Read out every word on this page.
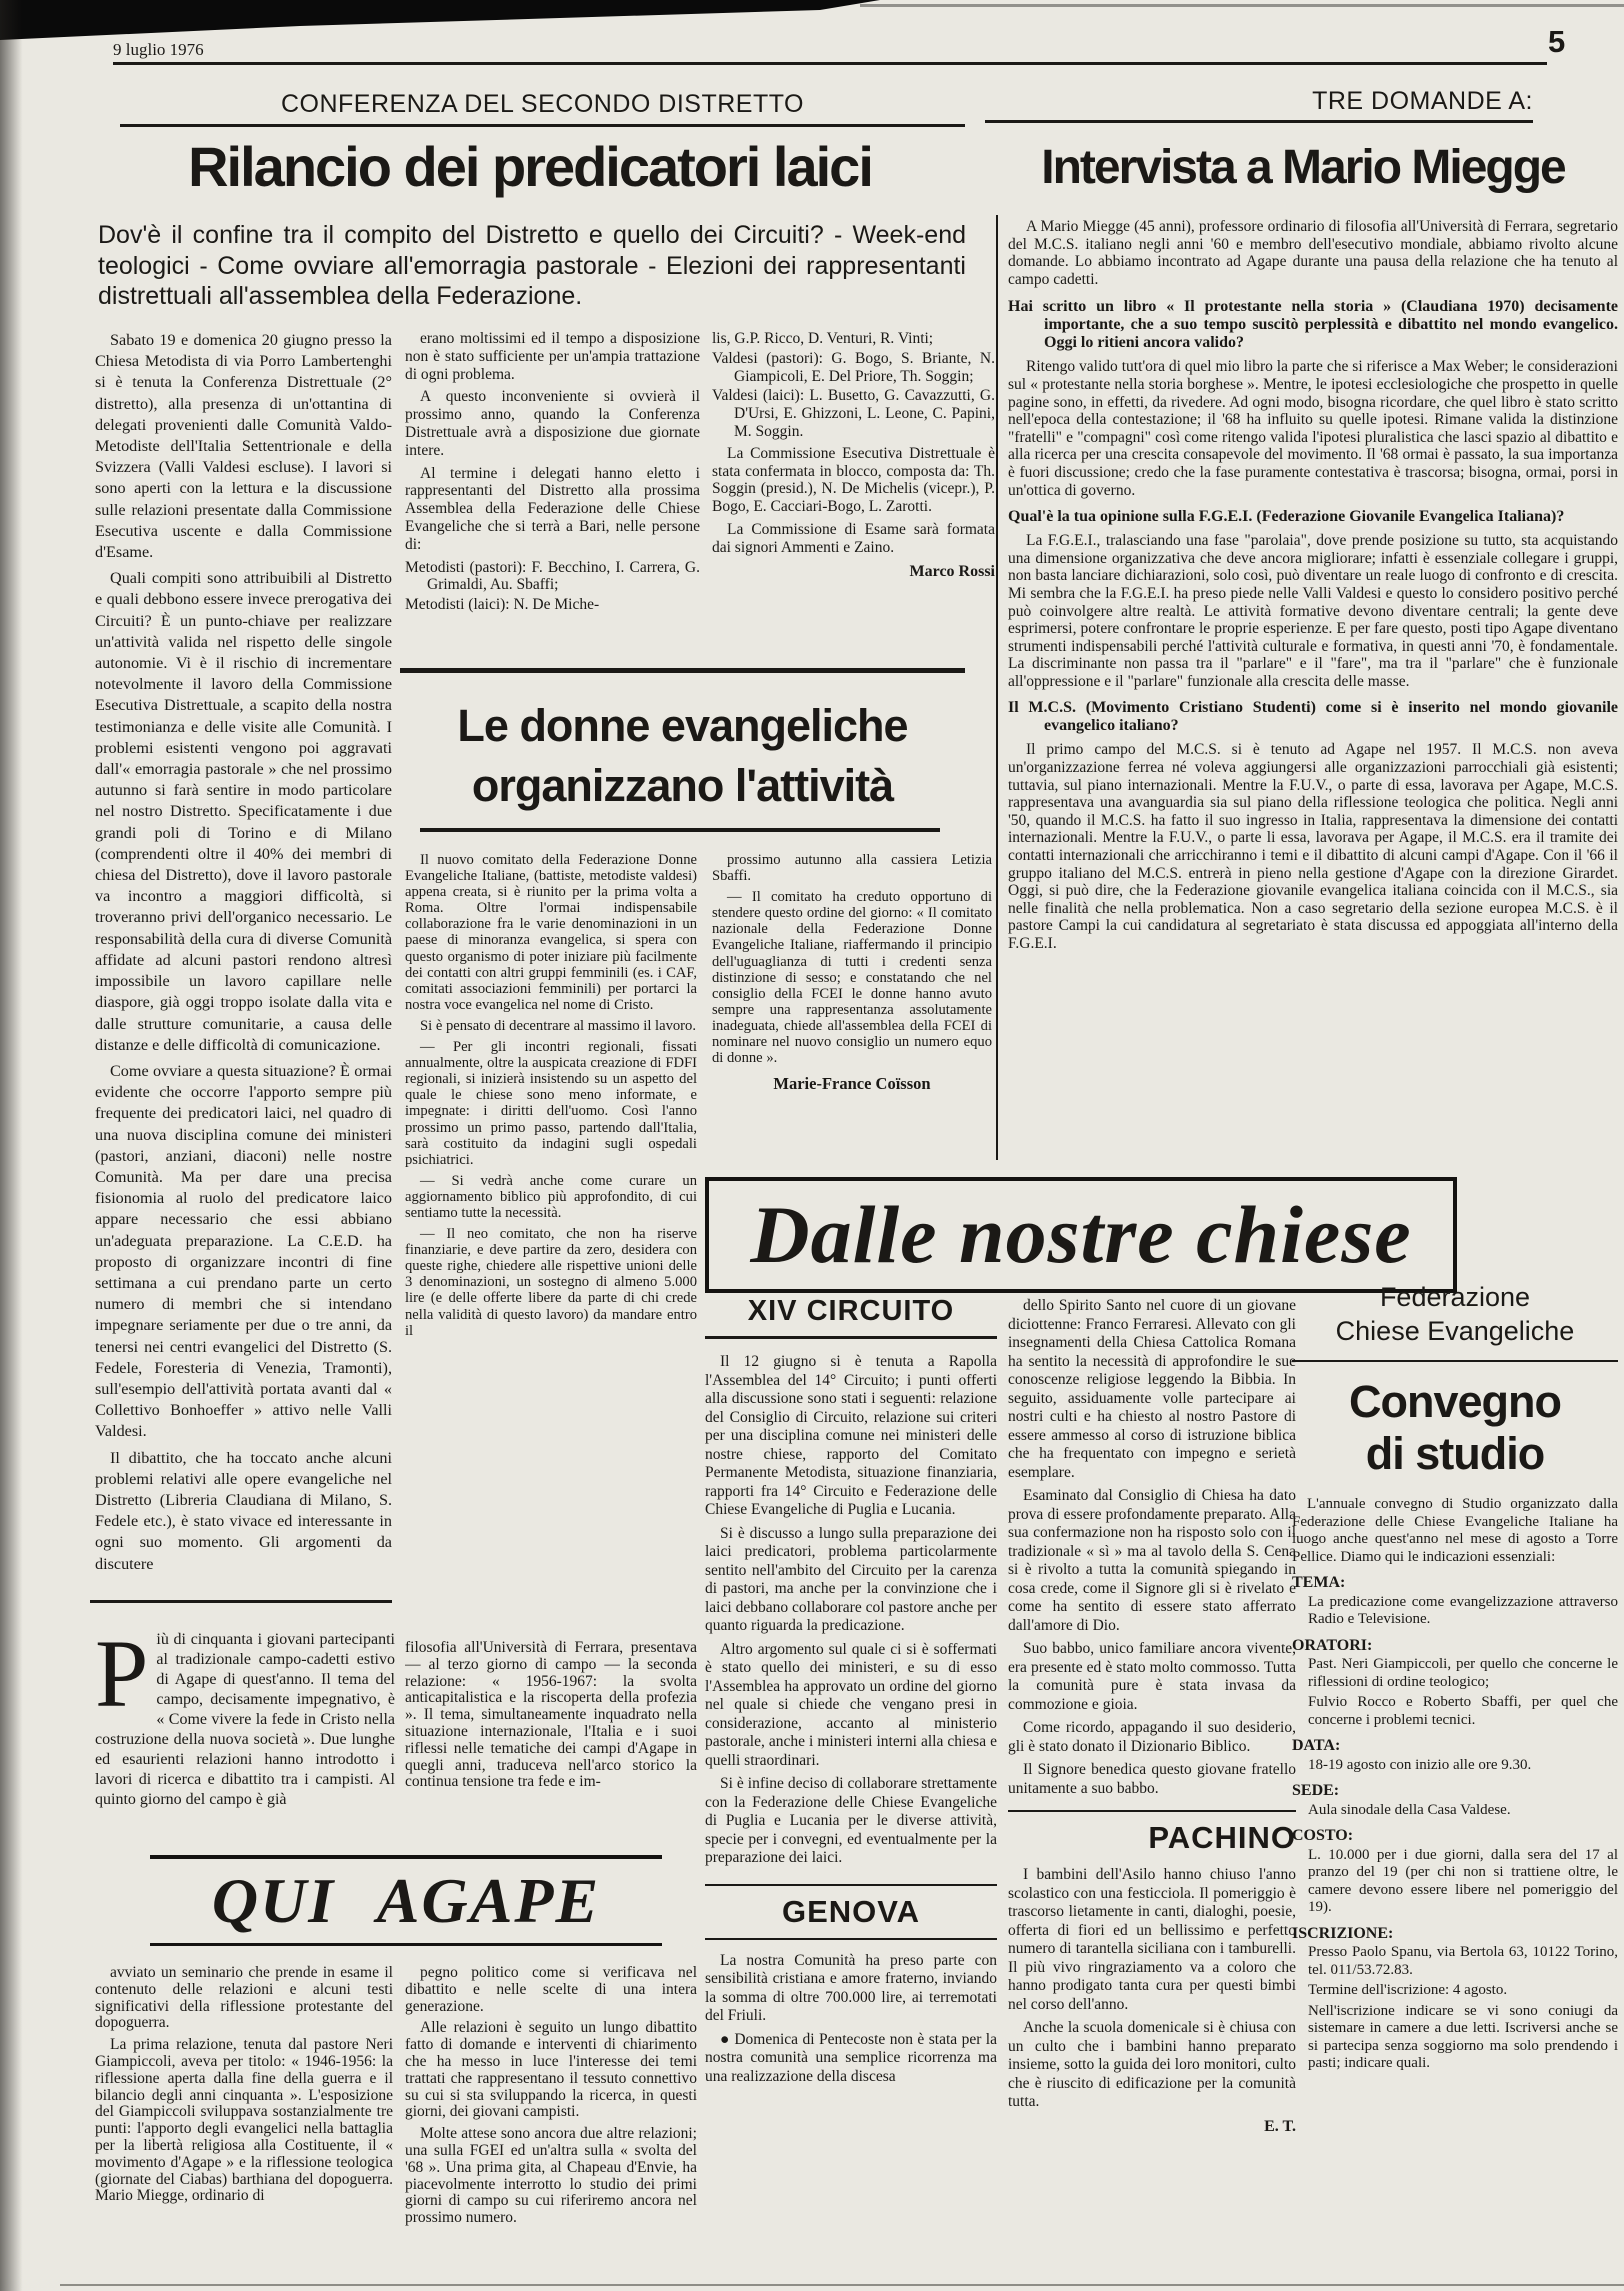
9 luglio 1976	5
CONFERENZA DEL SECONDO DISTRETTO	TRE DOMANDE A:
Rilancio dei predicatori laici	Intervista a Mario Miegge
Dov'è il confine tra il compito del Distretto e quello dei Circuiti? - Week-end teologici - Come ovviare all'emorragia pastorale - Elezioni dei rappresentanti distrettuali all'assemblea della Federazione.

Sabato 19 e domenica 20 giugno presso la Chiesa Metodista di via Porro Lambertenghi si è tenuta la Conferenza Distrettuale (2° distretto), alla presenza di un'ottantina di delegati provenienti dalle Comunità Valdo-Metodiste dell'Italia Settentrionale e della Svizzera (Valli Valdesi escluse). I lavori si sono aperti con la lettura e la discussione sulle relazioni presentate dalla Commissione Esecutiva uscente e dalla Commissione d'Esame.

Quali compiti sono attribuibili al Distretto e quali debbono essere invece prerogativa dei Circuiti? È un punto-chiave per realizzare un'attività valida nel rispetto delle singole autonomie. Vi è il rischio di incrementare notevolmente il lavoro della Commissione Esecutiva Distrettuale, a scapito della nostra testimonianza e delle visite alle Comunità. I problemi esistenti vengono poi aggravati dall'« emorragia pastorale » che nel prossimo autunno si farà sentire in modo particolare nel nostro Distretto. Specificatamente i due grandi poli di Torino e di Milano (comprendenti oltre il 40% dei membri di chiesa del Distretto), dove il lavoro pastorale va incontro a maggiori difficoltà, si troveranno privi dell'organico necessario. Le responsabilità della cura di diverse Comunità affidate ad alcuni pastori rendono altresì impossibile un lavoro capillare nelle diaspore, già oggi troppo isolate dalla vita e dalle strutture comunitarie, a causa delle distanze e delle difficoltà di comunicazione.

Come ovviare a questa situazione? È ormai evidente che occorre l'apporto sempre più frequente dei predicatori laici, nel quadro di una nuova disciplina comune dei ministeri (pastori, anziani, diaconi) nelle nostre Comunità. Ma per dare una precisa fisionomia al ruolo del predicatore laico appare necessario che essi abbiano un'adeguata preparazione. La C.E.D. ha proposto di organizzare incontri di fine settimana a cui prendano parte un certo numero di membri che si intendano impegnare seriamente per due o tre anni, da tenersi nei centri evangelici del Distretto (S. Fedele, Foresteria di Venezia, Tramonti), sull'esempio dell'attività portata avanti dal « Collettivo Bonhoeffer » attivo nelle Valli Valdesi.

Il dibattito, che ha toccato anche alcuni problemi relativi alle opere evangeliche nel Distretto (Libreria Claudiana di Milano, S. Fedele etc.), è stato vivace ed interessante in ogni suo momento. Gli argomenti da discutere

erano moltissimi ed il tempo a disposizione non è stato sufficiente per un'ampia trattazione di ogni problema.

A questo inconveniente si ovvierà il prossimo anno, quando la Conferenza Distrettuale avrà a disposizione due giornate intere.

Al termine i delegati hanno eletto i rappresentanti del Distretto alla prossima Assemblea della Federazione delle Chiese Evangeliche che si terrà a Bari, nelle persone di:

Metodisti (pastori): F. Becchino, I. Carrera, G. Grimaldi, Au. Sbaffi;

Metodisti (laici): N. De Miche-

lis, G.P. Ricco, D. Venturi, R. Vinti;

Valdesi (pastori): G. Bogo, S. Briante, N. Giampicoli, E. Del Priore, Th. Soggin;

Valdesi (laici): L. Busetto, G. Cavazzutti, G. D'Ursi, E. Ghizzoni, L. Leone, C. Papini, M. Soggin.

La Commissione Esecutiva Distrettuale è stata confermata in blocco, composta da: Th. Soggin (presid.), N. De Michelis (vicepr.), P. Bogo, E. Cacciari-Bogo, L. Zarotti.

La Commissione di Esame sarà formata dai signori Ammenti e Zaino.

Marco Rossi
Le donne evangeliche
organizzano l'attività

Il nuovo comitato della Federazione Donne Evangeliche Italiane, (battiste, metodiste valdesi) appena creata, si è riunito per la prima volta a Roma. Oltre l'ormai indispensabile collaborazione fra le varie denominazioni in un paese di minoranza evangelica, si spera con questo organismo di poter iniziare più facilmente dei contatti con altri gruppi femminili (es. i CAF, comitati associazioni femminili) per portarci la nostra voce evangelica nel nome di Cristo.

Si è pensato di decentrare al massimo il lavoro.

— Per gli incontri regionali, fissati annualmente, oltre la auspicata creazione di FDFI regionali, si inizierà insistendo su un aspetto del quale le chiese sono meno informate, e impegnate: i diritti dell'uomo. Così l'anno prossimo un primo passo, partendo dall'Italia, sarà costituito da indagini sugli ospedali psichiatrici.

— Si vedrà anche come curare un aggiornamento biblico più approfondito, di cui sentiamo tutte la necessità.

— Il neo comitato, che non ha riserve finanziarie, e deve partire da zero, desidera con queste righe, chiedere alle rispettive unioni delle 3 denominazioni, un sostegno di almeno 5.000 lire (e delle offerte libere da parte di chi crede nella validità di questo lavoro) da mandare entro il

prossimo autunno alla cassiera Letizia Sbaffi.

— Il comitato ha creduto opportuno di stendere questo ordine del giorno: « Il comitato nazionale della Federazione Donne Evangeliche Italiane, riaffermando il principio dell'uguaglianza di tutti i credenti senza distinzione di sesso; e constatando che nel consiglio della FCEI le donne hanno avuto sempre una rappresentanza assolutamente inadeguata, chiede all'assemblea della FCEI di nominare nel nuovo consiglio un numero equo di donne ».

Marie-France Coïsson

A Mario Miegge (45 anni), professore ordinario di filosofia all'Università di Ferrara, segretario del M.C.S. italiano negli anni '60 e membro dell'esecutivo mondiale, abbiamo rivolto alcune domande. Lo abbiamo incontrato ad Agape durante una pausa della relazione che ha tenuto al campo cadetti.

Hai scritto un libro « Il protestante nella storia » (Claudiana 1970) decisamente importante, che a suo tempo suscitò perplessità e dibattito nel mondo evangelico. Oggi lo ritieni ancora valido?
Ritengo valido tutt'ora di quel mio libro la parte che si riferisce a Max Weber; le considerazioni sul « protestante nella storia borghese ». Mentre, le ipotesi ecclesiologiche che prospetto in quelle pagine sono, in effetti, da rivedere. Ad ogni modo, bisogna ricordare, che quel libro è stato scritto nell'epoca della contestazione; il '68 ha influito su quelle ipotesi. Rimane valida la distinzione "fratelli" e "compagni" così come ritengo valida l'ipotesi pluralistica che lasci spazio al dibattito e alla ricerca per una crescita consapevole del movimento. Il '68 ormai è passato, la sua importanza è fuori discussione; credo che la fase puramente contestativa è trascorsa; bisogna, ormai, porsi in un'ottica di governo.
Qual'è la tua opinione sulla F.G.E.I. (Federazione Giovanile Evangelica Italiana)?
La F.G.E.I., tralasciando una fase "parolaia", dove prende posizione su tutto, sta acquistando una dimensione organizzativa che deve ancora migliorare; infatti è essenziale collegare i gruppi, non basta lanciare dichiarazioni, solo così, può diventare un reale luogo di confronto e di crescita. Mi sembra che la F.G.E.I. ha preso piede nelle Valli Valdesi e questo lo considero positivo perché può coinvolgere altre realtà. Le attività formative devono diventare centrali; la gente deve esprimersi, potere confrontare le proprie esperienze. E per fare questo, posti tipo Agape diventano strumenti indispensabili perché l'attività culturale e formativa, in questi anni '70, è fondamentale. La discriminante non passa tra il "parlare" e il "fare", ma tra il "parlare" che è funzionale all'oppressione e il "parlare" funzionale alla crescita delle masse.
Il M.C.S. (Movimento Cristiano Studenti) come si è inserito nel mondo giovanile evangelico italiano?
Il primo campo del M.C.S. si è tenuto ad Agape nel 1957. Il M.C.S. non aveva un'organizzazione ferrea né voleva aggiungersi alle organizzazioni parrocchiali già esistenti; tuttavia, sul piano internazionali. Mentre la F.U.V., o parte di essa, lavorava per Agape, M.C.S. rappresentava una avanguardia sia sul piano della riflessione teologica che politica. Negli anni '50, quando il M.C.S. ha fatto il suo ingresso in Italia, rappresentava la dimensione dei contatti internazionali. Mentre la F.U.V., o parte li essa, lavorava per Agape, il M.C.S. era il tramite dei contatti internazionali che arricchiranno i temi e il dibattito di alcuni campi d'Agape. Con il '66 il gruppo italiano del M.C.S. entrerà in pieno nella gestione d'Agape con la direzione Girardet. Oggi, si può dire, che la Federazione giovanile evangelica italiana coincida con il M.C.S., sia nelle finalità che nella problematica. Non a caso segretario della sezione europea M.C.S. è il pastore Campi la cui candidatura al segretariato è stata discussa ed appoggiata all'interno della F.G.E.I.
Dalle nostre chiese
XIV CIRCUITO

Il 12 giugno si è tenuta a Rapolla l'Assemblea del 14° Circuito; i punti offerti alla discussione sono stati i seguenti: relazione del Consiglio di Circuito, relazione sui criteri per una disciplina comune nei ministeri delle nostre chiese, rapporto del Comitato Permanente Metodista, situazione finanziaria, rapporti fra 14° Circuito e Federazione delle Chiese Evangeliche di Puglia e Lucania.

Si è discusso a lungo sulla preparazione dei laici predicatori, problema particolarmente sentito nell'ambito del Circuito per la carenza di pastori, ma anche per la convinzione che i laici debbano collaborare col pastore anche per quanto riguarda la predicazione.

Altro argomento sul quale ci si è soffermati è stato quello dei ministeri, e su di esso l'Assemblea ha approvato un ordine del giorno nel quale si chiede che vengano presi in considerazione, accanto al ministerio pastorale, anche i ministeri interni alla chiesa e quelli straordinari.

Si è infine deciso di collaborare strettamente con la Federazione delle Chiese Evangeliche di Puglia e Lucania per le diverse attività, specie per i convegni, ed eventualmente per la preparazione dei laici.

GENOVA

La nostra Comunità ha preso parte con sensibilità cristiana e amore fraterno, inviando la somma di oltre 700.000 lire, ai terremotati del Friuli.

● Domenica di Pentecoste non è stata per la nostra comunità una semplice ricorrenza ma una realizzazione della discesa

dello Spirito Santo nel cuore di un giovane diciottenne: Franco Ferraresi. Allevato con gli insegnamenti della Chiesa Cattolica Romana ha sentito la necessità di approfondire le sue conoscenze religiose leggendo la Bibbia. In seguito, assiduamente volle partecipare ai nostri culti e ha chiesto al nostro Pastore di essere ammesso al corso di istruzione biblica che ha frequentato con impegno e serietà esemplare.

Esaminato dal Consiglio di Chiesa ha dato prova di essere profondamente preparato. Alla sua confermazione non ha risposto solo con il tradizionale « sì » ma al tavolo della S. Cena si è rivolto a tutta la comunità spiegando in cosa crede, come il Signore gli si è rivelato e come ha sentito di essere stato afferrato dall'amore di Dio.

Suo babbo, unico familiare ancora vivente, era presente ed è stato molto commosso. Tutta la comunità pure è stata invasa da commozione e gioia.

Come ricordo, appagando il suo desiderio, gli è stato donato il Dizionario Biblico.

Il Signore benedica questo giovane fratello unitamente a suo babbo.

PACHINO

I bambini dell'Asilo hanno chiuso l'anno scolastico con una festicciola. Il pomeriggio è trascorso lietamente in canti, dialoghi, poesie, offerta di fiori ed un bellissimo e perfetto numero di tarantella siciliana con i tamburelli. Il più vivo ringraziamento va a coloro che hanno prodigato tanta cura per questi bimbi nel corso dell'anno.

Anche la scuola domenicale si è chiusa con un culto che i bambini hanno preparato insieme, sotto la guida dei loro monitori, culto che è riuscito di edificazione per la comunità tutta.

E. T.
Federazione
Chiese Evangeliche
Convegno
di studio

L'annuale convegno di Studio organizzato dalla Federazione delle Chiese Evangeliche Italiane ha luogo anche quest'anno nel mese di agosto a Torre Pellice. Diamo qui le indicazioni essenziali:

TEMA:

La predicazione come evangelizzazione attraverso Radio e Televisione.

ORATORI:

Past. Neri Giampiccoli, per quello che concerne le riflessioni di ordine teologico;

Fulvio Rocco e Roberto Sbaffi, per quel che concerne i problemi tecnici.

DATA:

18-19 agosto con inizio alle ore 9.30.

SEDE:

Aula sinodale della Casa Valdese.

COSTO:

L. 10.000 per i due giorni, dalla sera del 17 al pranzo del 19 (per chi non si trattiene oltre, le camere devono essere libere nel pomeriggio del 19).

ISCRIZIONE:

Presso Paolo Spanu, via Bertola 63, 10122 Torino, tel. 011/53.72.83.

Termine dell'iscrizione: 4 agosto.

Nell'iscrizione indicare se vi sono coniugi da sistemare in camere a due letti. Iscriversi anche se si partecipa senza soggiorno ma solo prendendo i pasti; indicare quali.

Più di cinquanta i giovani partecipanti al tradizionale campo-cadetti estivo di Agape di quest'anno. Il tema del campo, decisamente impegnativo, è « Come vivere la fede in Cristo nella costruzione della nuova società ». Due lunghe ed esaurienti relazioni hanno introdotto i lavori di ricerca e dibattito tra i campisti. Al quinto giorno del campo è già

filosofia all'Università di Ferrara, presentava — al terzo giorno di campo — la seconda relazione: « 1956-1967: la svolta anticapitalistica e la riscoperta della profezia ». Il tema, simultaneamente inquadrato nella situazione internazionale, l'Italia e i suoi riflessi nelle tematiche dei campi d'Agape in quegli anni, traduceva nell'arco storico la continua tensione tra fede e im-

QUI AGAPE

avviato un seminario che prende in esame il contenuto delle relazioni e alcuni testi significativi della riflessione protestante del dopoguerra.

La prima relazione, tenuta dal pastore Neri Giampiccoli, aveva per titolo: « 1946-1956: la riflessione aperta dalla fine della guerra e il bilancio degli anni cinquanta ». L'esposizione del Giampiccoli sviluppava sostanzialmente tre punti: l'apporto degli evangelici nella battaglia per la libertà religiosa alla Costituente, il « movimento d'Agape » e la riflessione teologica (giornate del Ciabas) barthiana del dopoguerra. Mario Miegge, ordinario di

pegno politico come si verificava nel dibattito e nelle scelte di una intera generazione.

Alle relazioni è seguito un lungo dibattito fatto di domande e interventi di chiarimento che ha messo in luce l'interesse dei temi trattati che rappresentano il tessuto connettivo su cui si sta sviluppando la ricerca, in questi giorni, dei giovani campisti.

Molte attese sono ancora due altre relazioni; una sulla FGEI ed un'altra sulla « svolta del '68 ». Una prima gita, al Chapeau d'Envie, ha piacevolmente interrotto lo studio dei primi giorni di campo su cui riferiremo ancora nel prossimo numero.
